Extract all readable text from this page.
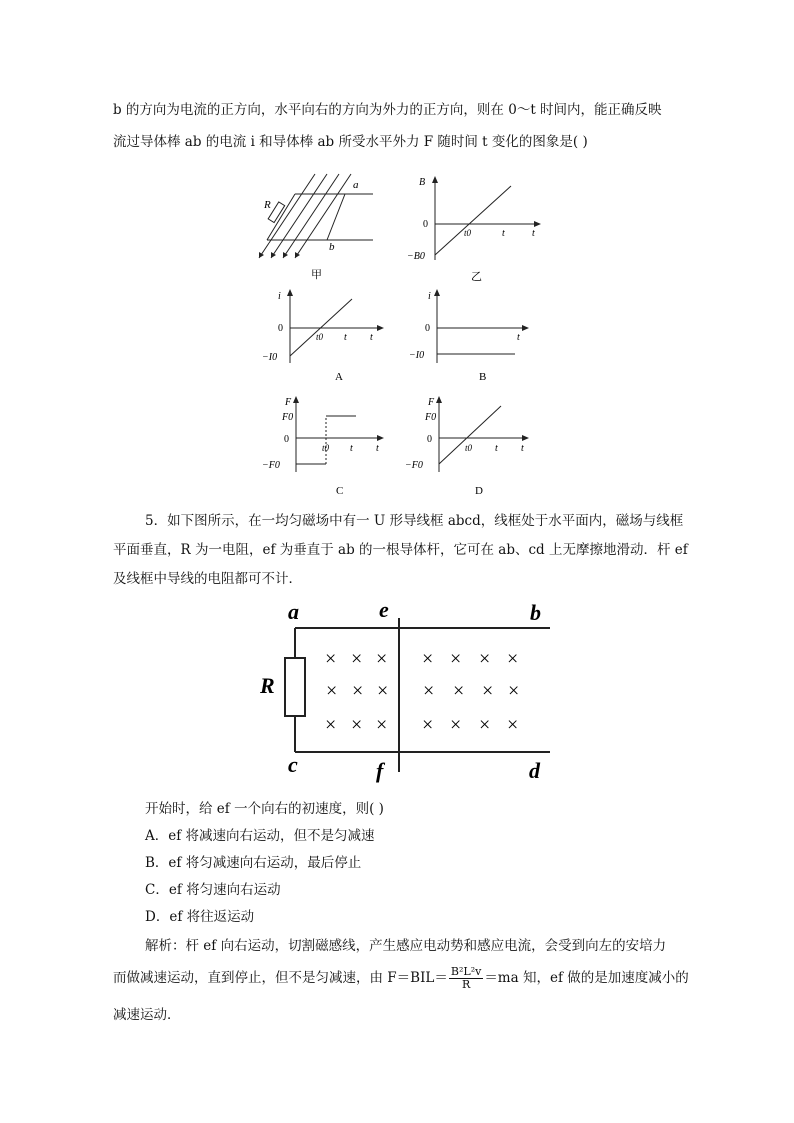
b 的方向为电流的正方向，水平向右的方向为外力的正方向，则在 0～t 时间内，能正确反映
流过导体棒 ab 的电流 i 和导体棒 ab 所受水平外力 F 随时间 t 变化的图象是( )
R
a
b
甲
B
0
−B0
t0	t	t
乙
i
0
−I0
t0 t t
A
i
0
−I0
t
B
F
F0
0
−F0
t0 t t
C
F
F0
0
−F0
t0 t t
D
5．如下图所示，在一均匀磁场中有一 U 形导线框 abcd，线框处于水平面内，磁场与线框
平面垂直，R 为一电阻，ef 为垂直于 ab 的一根导体杆，它可在 ab、cd 上无摩擦地滑动．杆 ef
及线框中导线的电阻都可不计．
a	e	b
R
c	f	d
× × × × × × ×
× × × × × × ×
× × × × × × ×
开始时，给 ef 一个向右的初速度，则( )
A．ef 将减速向右运动，但不是匀减速
B．ef 将匀减速向右运动，最后停止
C．ef 将匀速向右运动
D．ef 将往返运动
解析：杆 ef 向右运动，切割磁感线，产生感应电动势和感应电流，会受到向左的安培力
而做减速运动，直到停止，但不是匀减速，由 $F=BIL= \frac{\text{B²L²v}}{R} =ma$ 知，ef 做的是加速度减小的
减速运动．
